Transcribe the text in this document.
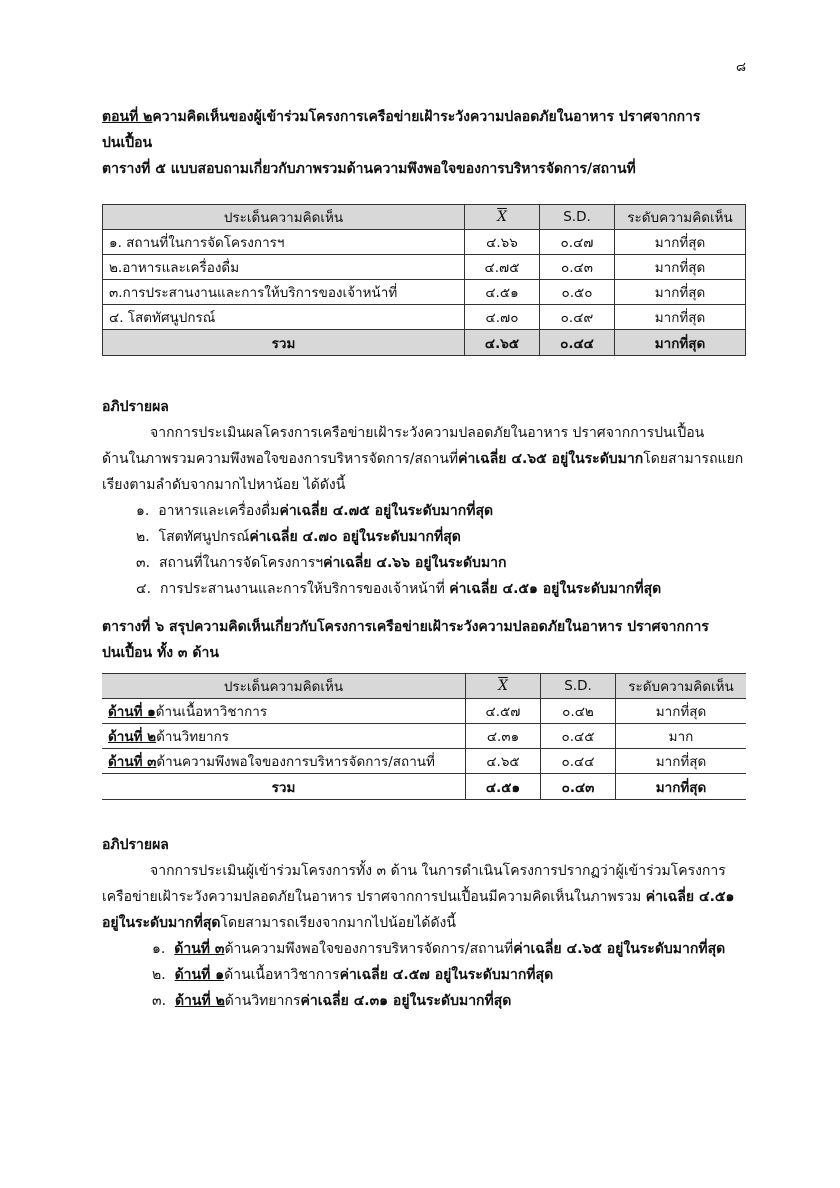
๘
ตอนที่ ๒ความคิดเห็นของผู้เข้าร่วมโครงการเครือข่ายเฝ้าระวังความปลอดภัยในอาหาร ปราศจากการ
ปนเปื้อน
ตารางที่ ๕ แบบสอบถามเกี่ยวกับภาพรวมด้านความพึงพอใจของการบริหารจัดการ/สถานที่
ประเด็นความคิดเห็น	$\overline{X}$	S.D.	ระดับความคิดเห็น
๑. สถานที่ในการจัดโครงการฯ	๔.๖๖	๐.๔๗	มากที่สุด
๒.อาหารและเครื่องดื่ม	๔.๗๕	๐.๔๓	มากที่สุด
๓.การประสานงานและการให้บริการของเจ้าหน้าที่	๔.๕๑	๐.๕๐	มากที่สุด
๔. โสตทัศนูปกรณ์	๔.๗๐	๐.๔๙	มากที่สุด
รวม	๔.๖๕	๐.๔๔	มากที่สุด
อภิปรายผล
จากการประเมินผลโครงการเครือข่ายเฝ้าระวังความปลอดภัยในอาหาร ปราศจากการปนเปื้อน
ด้านในภาพรวมความพึงพอใจของการบริหารจัดการ/สถานที่ค่าเฉลี่ย ๔.๖๕ อยู่ในระดับมากโดยสามารถแยก
เรียงตามลำดับจากมากไปหาน้อย ได้ดังนี้
๑. อาหารและเครื่องดื่มค่าเฉลี่ย ๔.๗๕ อยู่ในระดับมากที่สุด
๒. โสตทัศนูปกรณ์ค่าเฉลี่ย ๔.๗๐ อยู่ในระดับมากที่สุด
๓. สถานที่ในการจัดโครงการฯค่าเฉลี่ย ๔.๖๖ อยู่ในระดับมาก
๔. การประสานงานและการให้บริการของเจ้าหน้าที่ ค่าเฉลี่ย ๔.๕๑ อยู่ในระดับมากที่สุด
ตารางที่ ๖ สรุปความคิดเห็นเกี่ยวกับโครงการเครือข่ายเฝ้าระวังความปลอดภัยในอาหาร ปราศจากการ
ปนเปื้อน ทั้ง ๓ ด้าน
ประเด็นความคิดเห็น	$\overline{X}$	S.D.	ระดับความคิดเห็น
ด้านที่ ๑ด้านเนื้อหาวิชาการ	๔.๕๗	๐.๔๒	มากที่สุด
ด้านที่ ๒ด้านวิทยากร	๔.๓๑	๐.๔๕	มาก
ด้านที่ ๓ด้านความพึงพอใจของการบริหารจัดการ/สถานที่	๔.๖๕	๐.๔๔	มากที่สุด
รวม	๔.๕๑	๐.๔๓	มากที่สุด
อภิปรายผล
จากการประเมินผู้เข้าร่วมโครงการทั้ง ๓ ด้าน ในการดำเนินโครงการปรากฏว่าผู้เข้าร่วมโครงการ
เครือข่ายเฝ้าระวังความปลอดภัยในอาหาร ปราศจากการปนเปื้อนมีความคิดเห็นในภาพรวม ค่าเฉลี่ย ๔.๕๑
อยู่ในระดับมากที่สุดโดยสามารถเรียงจากมากไปน้อยได้ดังนี้
๑. ด้านที่ ๓ด้านความพึงพอใจของการบริหารจัดการ/สถานที่ค่าเฉลี่ย ๔.๖๕ อยู่ในระดับมากที่สุด
๒. ด้านที่ ๑ด้านเนื้อหาวิชาการค่าเฉลี่ย ๔.๕๗ อยู่ในระดับมากที่สุด
๓. ด้านที่ ๒ด้านวิทยากรค่าเฉลี่ย ๔.๓๑ อยู่ในระดับมากที่สุด
